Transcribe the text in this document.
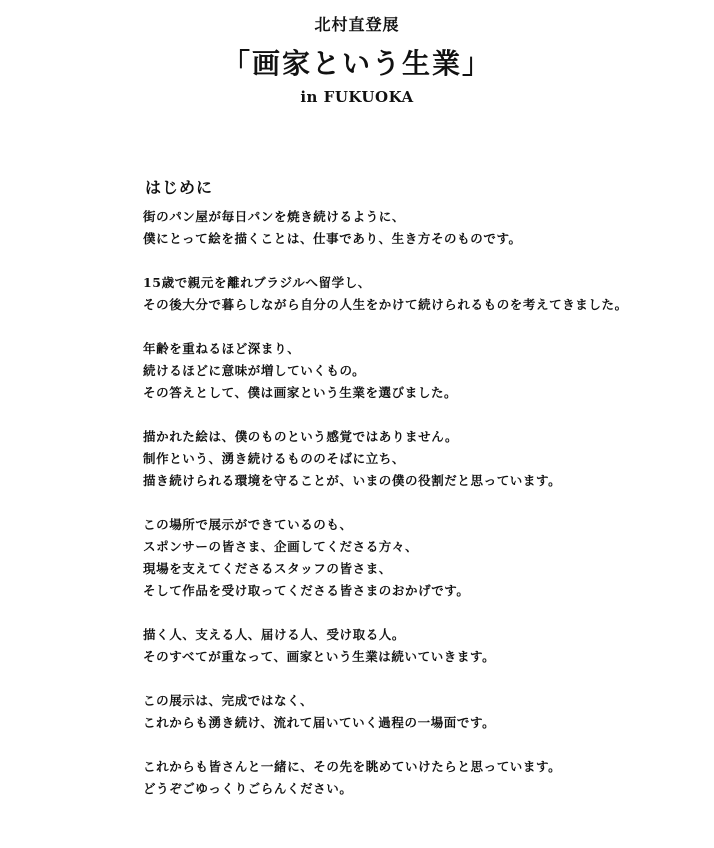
北村直登展
「画家という生業」
in FUKUOKA
はじめに
街のパン屋が毎日パンを焼き続けるように、
僕にとって絵を描くことは、仕事であり、生き方そのものです。
15歳で親元を離れブラジルへ留学し、
その後大分で暮らしながら自分の人生をかけて続けられるものを考えてきました。
年齢を重ねるほど深まり、
続けるほどに意味が増していくもの。
その答えとして、僕は画家という生業を選びました。
描かれた絵は、僕のものという感覚ではありません。
制作という、湧き続けるもののそばに立ち、
描き続けられる環境を守ることが、いまの僕の役割だと思っています。
この場所で展示ができているのも、
スポンサーの皆さま、企画してくださる方々、
現場を支えてくださるスタッフの皆さま、
そして作品を受け取ってくださる皆さまのおかげです。
描く人、支える人、届ける人、受け取る人。
そのすべてが重なって、画家という生業は続いていきます。
この展示は、完成ではなく、
これからも湧き続け、流れて届いていく過程の一場面です。
これからも皆さんと一緒に、その先を眺めていけたらと思っています。
どうぞごゆっくりごらんください。
